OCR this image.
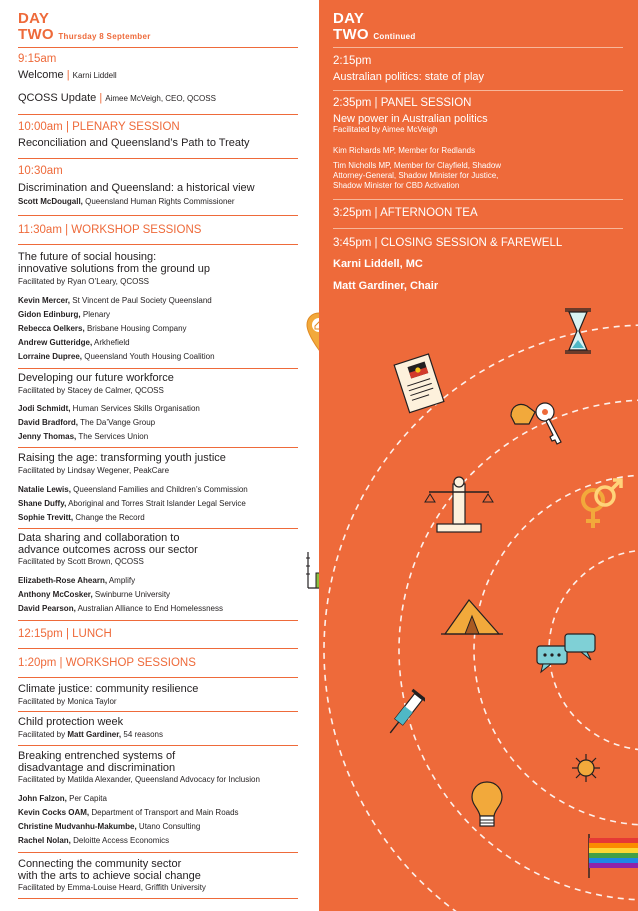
DAY
TWO Thursday 8 September
9:15am
Welcome | Karni Liddell
QCOSS Update | Aimee McVeigh, CEO, QCOSS
10:00am | PLENARY SESSION
Reconciliation and Queensland’s Path to Treaty
10:30am
Discrimination and Queensland: a historical view
Scott McDougall, Queensland Human Rights Commissioner
11:30am | WORKSHOP SESSIONS
The future of social housing:
innovative solutions from the ground up
Facilitated by Ryan O’Leary, QCOSS
Kevin Mercer, St Vincent de Paul Society Queensland
Gidon Edinburg, Plenary
Rebecca Oelkers, Brisbane Housing Company
Andrew Gutteridge, Arkhefield
Lorraine Dupree, Queensland Youth Housing Coalition
Developing our future workforce
Facilitated by Stacey de Calmer, QCOSS
Jodi Schmidt, Human Services Skills Organisation
David Bradford, The Da’Vange Group
Jenny Thomas, The Services Union
Raising the age: transforming youth justice
Facilitated by Lindsay Wegener, PeakCare
Natalie Lewis, Queensland Families and Children’s Commission
Shane Duffy, Aboriginal and Torres Strait Islander Legal Service
Sophie Trevitt, Change the Record
Data sharing and collaboration to
advance outcomes across our sector
Facilitated by Scott Brown, QCOSS
Elizabeth-Rose Ahearn, Amplify
Anthony McCosker, Swinburne University
David Pearson, Australian Alliance to End Homelessness
12:15pm | LUNCH
1:20pm | WORKSHOP SESSIONS
Climate justice: community resilience
Facilitated by Monica Taylor
Child protection week
Facilitated by Matt Gardiner, 54 reasons
Breaking entrenched systems of
disadvantage and discrimination
Facilitated by Matilda Alexander, Queensland Advocacy for Inclusion
John Falzon, Per Capita
Kevin Cocks OAM, Department of Transport and Main Roads
Christine Mudvanhu-Makumbe, Utano Consulting
Rachel Nolan, Deloitte Access Economics
Connecting the community sector
with the arts to achieve social change
Facilitated by Emma-Louise Heard, Griffith University
DAY
TWO Continued
2:15pm
Australian politics: state of play
2:35pm | PANEL SESSION
New power in Australian politics
Facilitated by Aimee McVeigh
Kim Richards MP, Member for Redlands
Tim Nicholls MP, Member for Clayfield, Shadow
Attorney-General, Shadow Minister for Justice,
Shadow Minister for CBD Activation
3:25pm | AFTERNOON TEA
3:45pm | CLOSING SESSION & FAREWELL
Karni Liddell, MC
Matt Gardiner, Chair
